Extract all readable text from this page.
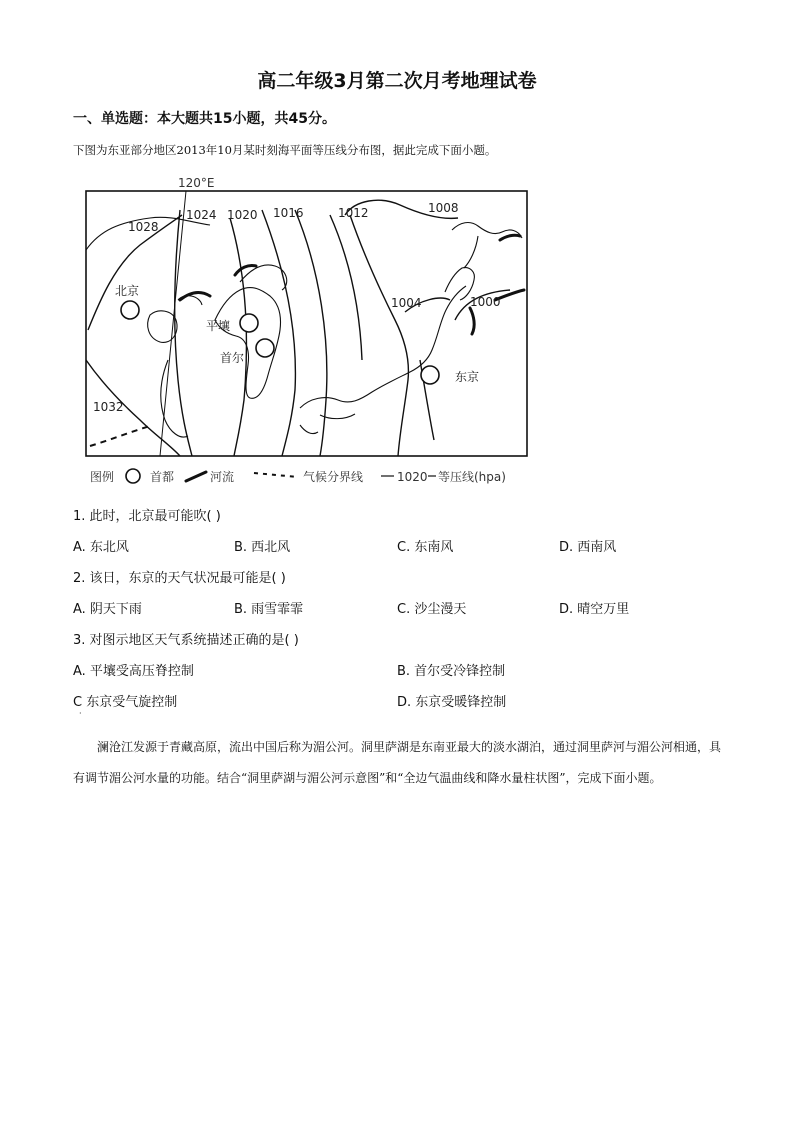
高二年级3月第二次月考地理试卷
一、单选题：本大题共15小题，共45分。
下图为东亚部分地区2013年10月某时刻海平面等压线分布图，据此完成下面小题。
120°E
1028
1024 1020 1016	1012	1008
1004	1000
1032
北京
平壤
首尔
东京
图例	首都	河流	气候分界线	1020 等压线(hpa)
1. 此时，北京最可能吹( )
A. 东北风	B. 西北风	C. 东南风	D. 西南风
2. 该日，东京的天气状况最可能是( )
A. 阴天下雨	B. 雨雪霏霏	C. 沙尘漫天	D. 晴空万里
3. 对图示地区天气系统描述正确的是( )
A. 平壤受高压脊控制	B. 首尔受冷锋控制
C 东京受气旋控制	D. 东京受暖锋控制
·
澜沧江发源于青藏高原，流出中国后称为湄公河。洞里萨湖是东南亚最大的淡水湖泊，通过洞里萨河与湄公河相通，具有调节湄公河水量的功能。结合“洞里萨湖与湄公河示意图”和“全边气温曲线和降水量柱状图”，完成下面小题。
